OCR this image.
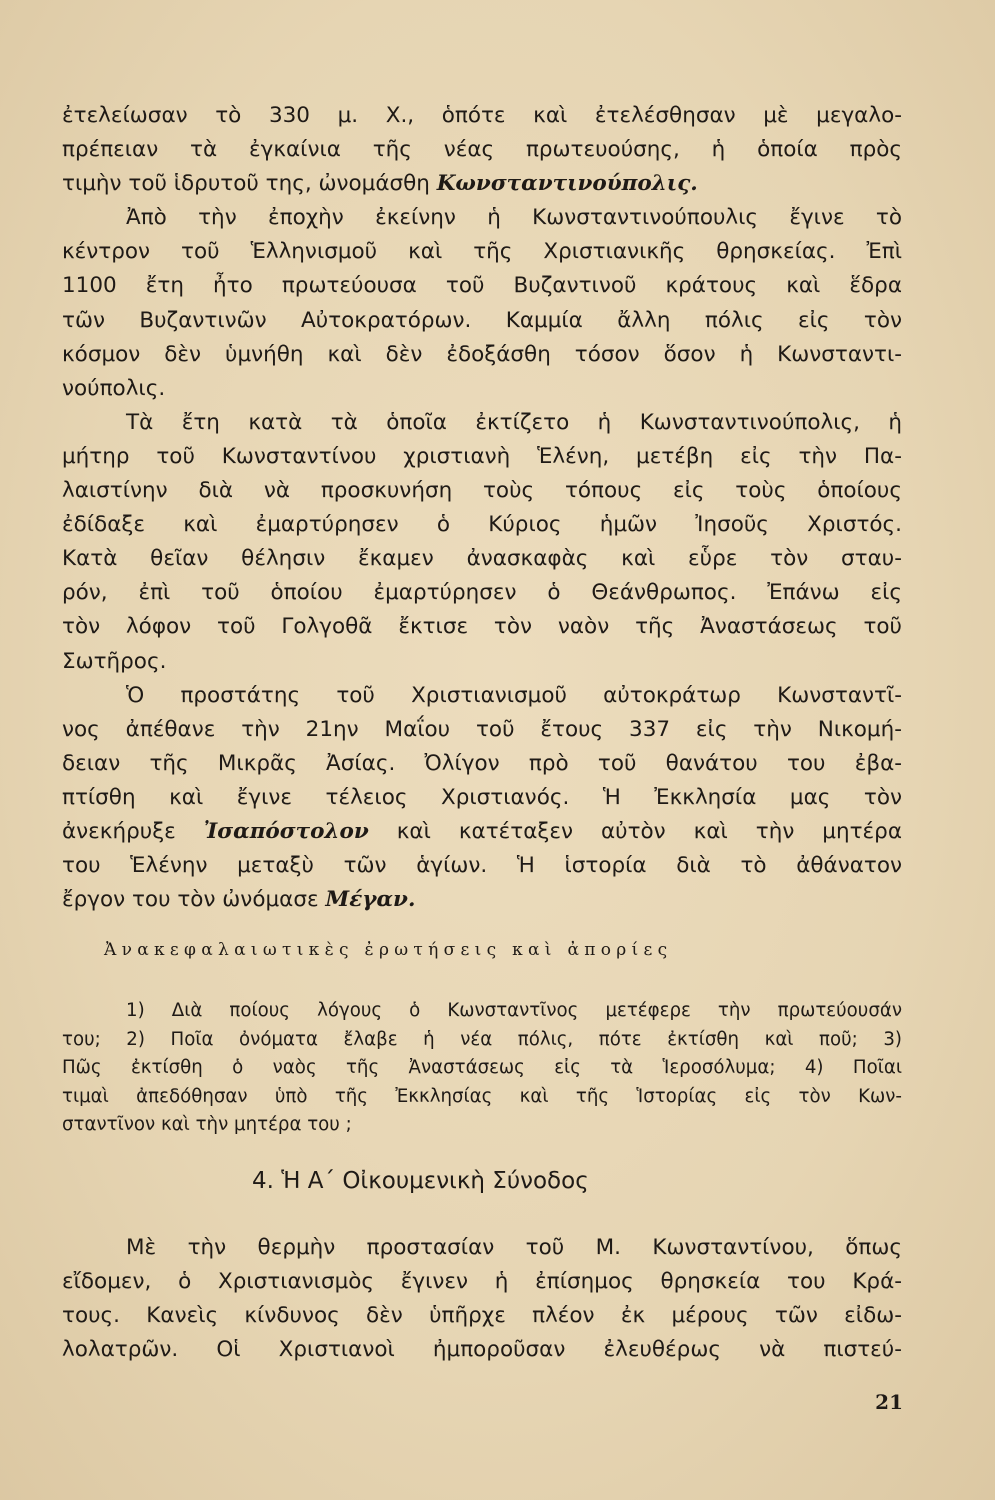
ἐτελείωσαν τὸ 330 μ. Χ., ὁπότε καὶ ἐτελέσθησαν μὲ μεγαλο-
πρέπειαν τὰ ἐγκαίνια τῆς νέας πρωτευούσης, ἡ ὁποία πρὸς
τιμὴν τοῦ ἱδρυτοῦ της, ὠνομάσθη Κωνσταντινούπολις.
Ἀπὸ τὴν ἐποχὴν ἐκείνην ἡ Κωνσταντινούπουλις ἔγινε τὸ
κέντρον τοῦ Ἑλληνισμοῦ καὶ τῆς Χριστιανικῆς θρησκείας. Ἐπὶ
1100 ἔτη ἦτο πρωτεύουσα τοῦ Βυζαντινοῦ κράτους καὶ ἕδρα
τῶν Βυζαντινῶν Αὐτοκρατόρων. Καμμία ἄλλη πόλις εἰς τὸν
κόσμον δὲν ὑμνήθη καὶ δὲν ἐδοξάσθη τόσον ὅσον ἡ Κωνσταντι-
νούπολις.
Τὰ ἔτη κατὰ τὰ ὁποῖα ἐκτίζετο ἡ Κωνσταντινούπολις, ἡ
μήτηρ τοῦ Κωνσταντίνου χριστιανὴ Ἑλένη, μετέβη εἰς τὴν Πα-
λαιστίνην διὰ νὰ προσκυνήση τοὺς τόπους εἰς τοὺς ὁποίους
ἐδίδαξε καὶ ἐμαρτύρησεν ὁ Κύριος ἡμῶν Ἰησοῦς Χριστός.
Κατὰ θεῖαν θέλησιν ἔκαμεν ἀνασκαφὰς καὶ εὗρε τὸν σταυ-
ρόν, ἐπὶ τοῦ ὁποίου ἐμαρτύρησεν ὁ Θεάνθρωπος. Ἐπάνω εἰς
τὸν λόφον τοῦ Γολγοθᾶ ἔκτισε τὸν ναὸν τῆς Ἀναστάσεως τοῦ
Σωτῆρος.
Ὁ προστάτης τοῦ Χριστιανισμοῦ αὐτοκράτωρ Κωνσταντῖ-
νος ἀπέθανε τὴν 21ην Μαΐου τοῦ ἔτους 337 εἰς τὴν Νικομή-
δειαν τῆς Μικρᾶς Ἀσίας. Ὀλίγον πρὸ τοῦ θανάτου του ἐβα-
πτίσθη καὶ ἔγινε τέλειος Χριστιανός. Ἡ Ἐκκλησία μας τὸν
ἀνεκήρυξε Ἰσαπόστολον καὶ κατέταξεν αὐτὸν καὶ τὴν μητέρα
του Ἑλένην μεταξὺ τῶν ἁγίων. Ἡ ἱστορία διὰ τὸ ἀθάνατον
ἔργον του τὸν ὠνόμασε Μέγαν.
Ἀνακεφαλαιωτικὲς ἐρωτήσεις καὶ ἀπορίες
1) Διὰ ποίους λόγους ὁ Κωνσταντῖνος μετέφερε τὴν πρωτεύουσάν
του; 2) Ποῖα ὀνόματα ἔλαβε ἡ νέα πόλις, πότε ἐκτίσθη καὶ ποῦ; 3)
Πῶς ἐκτίσθη ὁ ναὸς τῆς Ἀναστάσεως εἰς τὰ Ἱεροσόλυμα; 4) Ποῖαι
τιμαὶ ἀπεδόθησαν ὑπὸ τῆς Ἐκκλησίας καὶ τῆς Ἱστορίας εἰς τὸν Κων-
σταντῖνον καὶ τὴν μητέρα του ;
4. Ἡ Α΄ Οἰκουμενικὴ Σύνοδος
Μὲ τὴν θερμὴν προστασίαν τοῦ Μ. Κωνσταντίνου, ὅπως
εἴδομεν, ὁ Χριστιανισμὸς ἔγινεν ἡ ἐπίσημος θρησκεία του Κρά-
τους. Κανεὶς κίνδυνος δὲν ὑπῆρχε πλέον ἐκ μέρους τῶν εἰδω-
λολατρῶν. Οἱ Χριστιανοὶ ἠμποροῦσαν ἐλευθέρως νὰ πιστεύ-
21
